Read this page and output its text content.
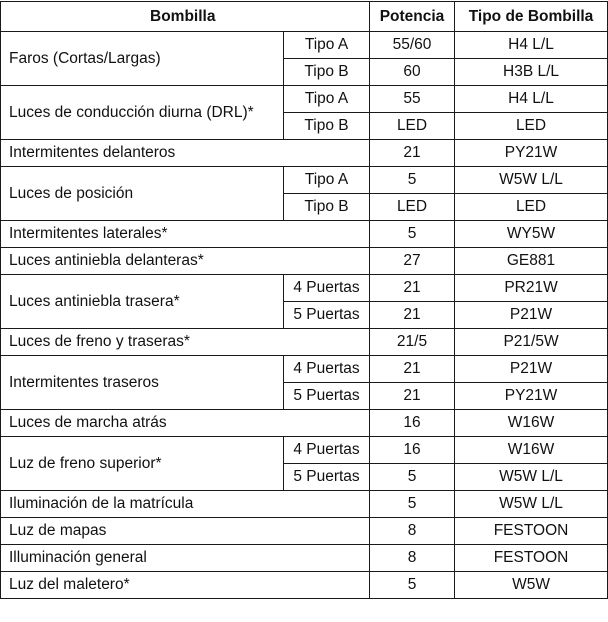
Bombilla		Potencia	Tipo de Bombilla
Faros (Cortas/Largas)	Tipo A	55/60	H4 L/L
	Tipo B	60	H3B L/L
Luces de conducción diurna (DRL)*	Tipo A	55	H4 L/L
	Tipo B	LED	LED
Intermitentes delanteros		21	PY21W
Luces de posición	Tipo A	5	W5W L/L
	Tipo B	LED	LED
Intermitentes laterales*		5	WY5W
Luces antiniebla delanteras*		27	GE881
Luces antiniebla trasera*	4 Puertas	21	PR21W
	5 Puertas	21	P21W
Luces de freno y traseras*		21/5	P21/5W
Intermitentes traseros	4 Puertas	21	P21W
	5 Puertas	21	PY21W
Luces de marcha atrás		16	W16W
Luz de freno superior*	4 Puertas	16	W16W
	5 Puertas	5	W5W L/L
Iluminación de la matrícula		5	W5W L/L
Luz de mapas		8	FESTOON
Illuminación general		8	FESTOON
Luz del maletero*		5	W5W
